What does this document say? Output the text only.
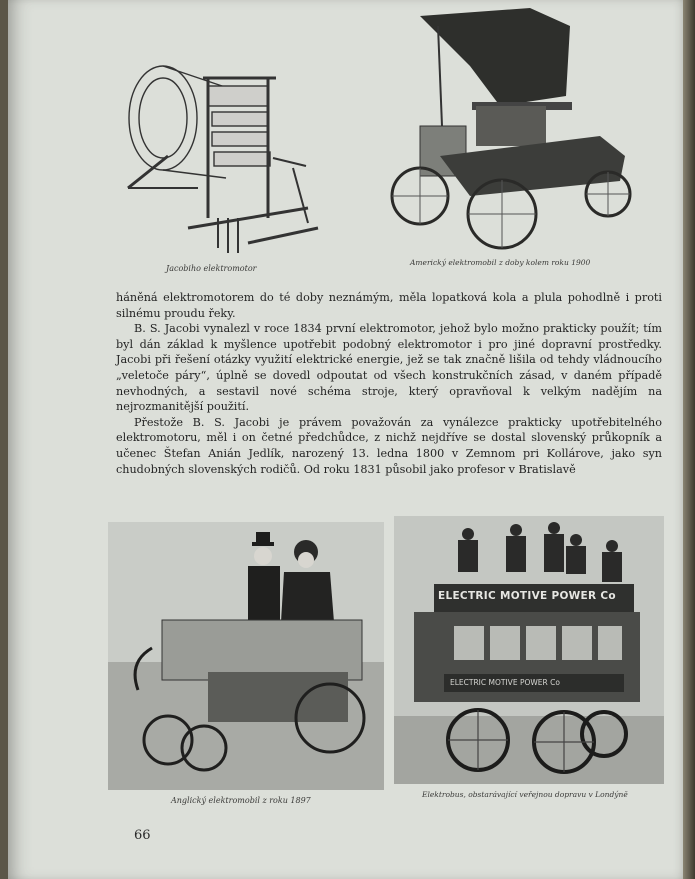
Jacobiho elektromotor
Americký elektromobil z doby kolem roku 1900

háněná elektromotorem do té doby neznámým, měla lopatková kola a plula pohodlně i proti silnému proudu řeky.

B. S. Jacobi vynalezl v roce 1834 první elektromotor, jehož bylo možno prakticky použít; tím byl dán základ k myšlence upotřebit podobný elektromotor i pro jiné dopravní prostředky. Jacobi při řešení otázky využití elektrické energie, jež se tak značně lišila od tehdy vládnoucího „veletoče páry“, úplně se dovedl odpoutat od všech konstrukčních zásad, v daném případě nevhodných, a sestavil nové schéma stroje, který opravňoval k velkým nadějím na nejrozmanitější použití.

Přestože B. S. Jacobi je právem považován za vynálezce prakticky upotřebitelného elektromotoru, měl i on četné předchůdce, z nichž nejdříve se dostal slovenský průkopník a učenec Štefan Anián Jedlík, narozený 13. ledna 1800 v Zemnom pri Kollárove, jako syn chudobných slovenských rodičů. Od roku 1831 působil jako profesor v Bratislavě

Anglický elektromobil z roku 1897
ELECTRIC MOTIVE POWER Co
ELECTRIC MOTIVE POWER Co
Elektrobus, obstarávající veřejnou dopravu v Londýně
66
